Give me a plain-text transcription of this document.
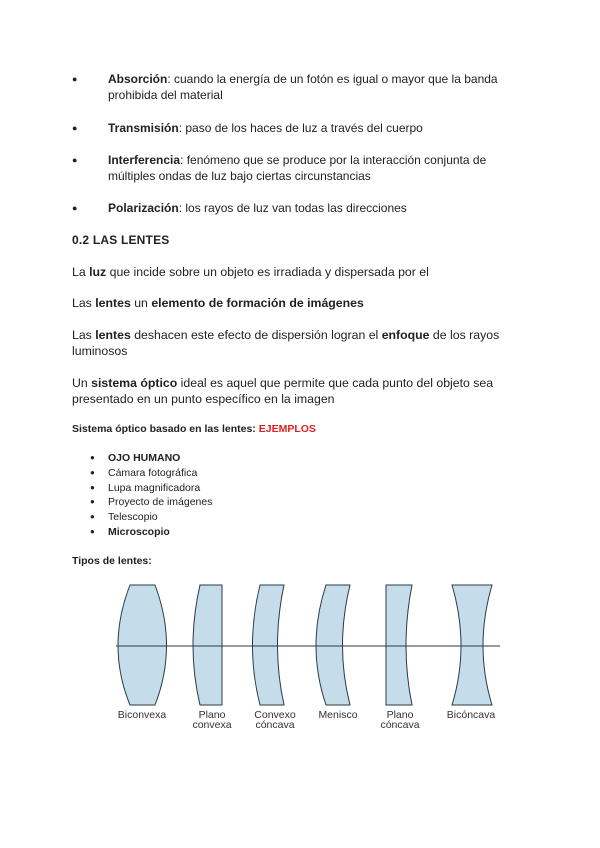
● Absorción: cuando la energía de un fotón es igual o mayor que la banda prohibida del material
● Transmisión: paso de los haces de luz a través del cuerpo
● Interferencia: fenómeno que se produce por la interacción conjunta de múltiples ondas de luz bajo ciertas circunstancias
● Polarización: los rayos de luz van todas las direcciones
0.2 LAS LENTES

La luz que incide sobre un objeto es irradiada y dispersada por el

Las lentes un elemento de formación de imágenes

Las lentes deshacen este efecto de dispersión logran el enfoque de los rayos luminosos

Un sistema óptico ideal es aquel que permite que cada punto del objeto sea presentado en un punto específico en la imagen

Sistema óptico basado en las lentes: EJEMPLOS

● OJO HUMANO
● Cámara fotográfica
● Lupa magnificadora
● Proyecto de imágenes
● Telescopio
● Microscopio

Tipos de lentes:

Biconvexa	Plano
convexa
Convexo
cóncava
Menisco	Plano
cóncava
Bicóncava
